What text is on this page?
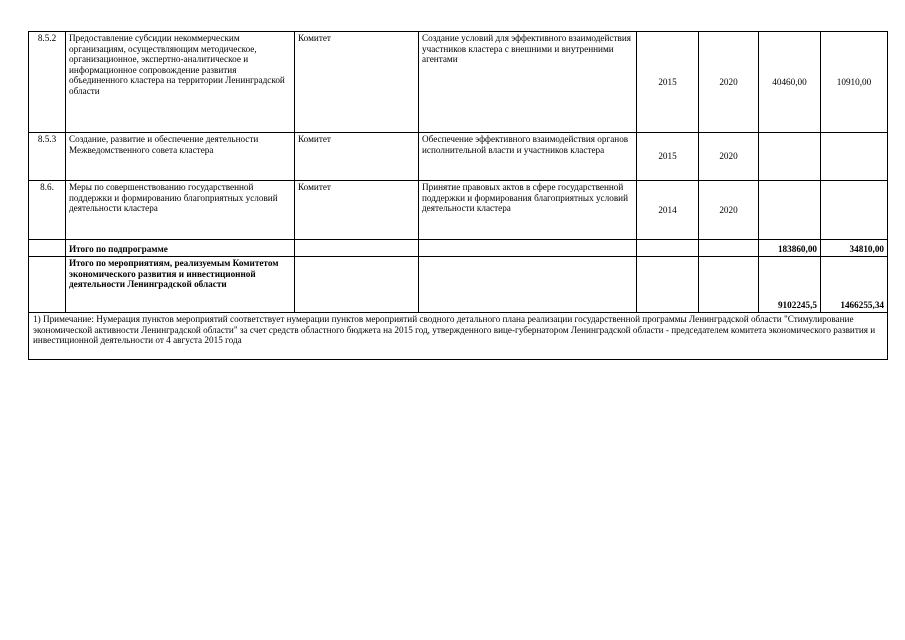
8.5.2	Предоставление субсидии некоммерческим организациям, осуществляющим методическое, организационное, экспертно-аналитическое и информационное сопровождение развития объединенного кластера на территории Ленинградской области	Комитет	Создание условий для эффективного взаимодействия участников кластера с внешними и внутренними агентами	2015	2020	40460,00	10910,00
8.5.3	Создание, развитие и обеспечение деятельности Межведомственного совета кластера	Комитет	Обеспечение эффективного взаимодействия органов исполнительной власти и участников кластера	2015	2020		
8.6.	Меры по совершенствованию государственной поддержки и формированию благоприятных условий деятельности кластера	Комитет	Принятие правовых актов в сфере государственной поддержки и формирования благоприятных условий деятельности кластера	2014	2020		
	Итого по подпрограмме					183860,00	34810,00

	Итого по мероприятиям, реализуемым Комитетом экономического развития и инвестиционной деятельности Ленинградской области					9102245,5	1466255,34
1) Примечание: Нумерация пунктов мероприятий соответствует нумерации пунктов мероприятий сводного детального плана реализации государственной программы Ленинградской области "Стимулирование экономической активности Ленинградской области" за счет средств областного бюджета на 2015 год, утвержденного вице-губернатором Ленинградской области - председателем комитета экономического развития и инвестиционной деятельности от 4 августа 2015 года							
